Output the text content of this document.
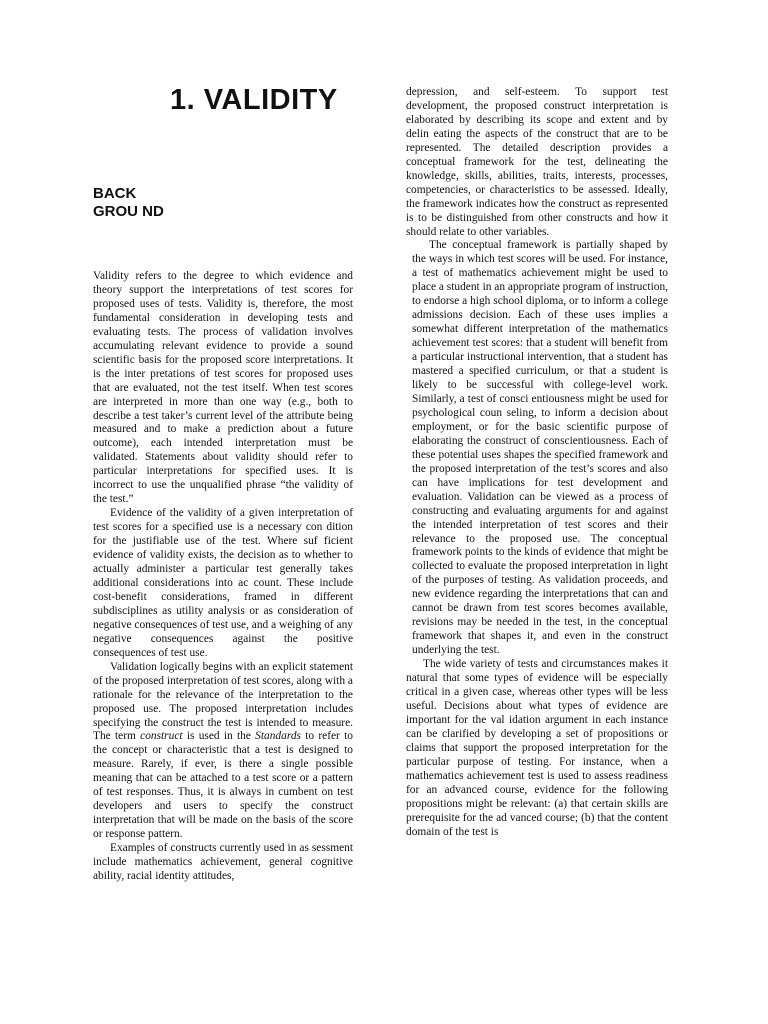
1. VALIDITY
BACK GROU ND

Validity refers to the degree to which evidence and theory support the interpretations of test scores for proposed uses of tests. Validity is, therefore, the most fundamental consideration in developing tests and evaluating tests. The process of validation involves accumulating relevant evidence to provide a sound scientific basis for the proposed score interpretations. It is the inter pretations of test scores for proposed uses that are evaluated, not the test itself. When test scores are interpreted in more than one way (e.g., both to describe a test taker’s current level of the attribute being measured and to make a prediction about a future outcome), each intended interpretation must be validated. Statements about validity should refer to particular interpretations for specified uses. It is incorrect to use the unqualified phrase “the validity of the test.”

Evidence of the validity of a given interpretation of test scores for a specified use is a necessary con dition for the justifiable use of the test. Where suf ficient evidence of validity exists, the decision as to whether to actually administer a particular test generally takes additional considerations into ac count. These include cost-benefit considerations, framed in different subdisciplines as utility analysis or as consideration of negative consequences of test use, and a weighing of any negative consequences against the positive consequences of test use.

Validation logically begins with an explicit statement of the proposed interpretation of test scores, along with a rationale for the relevance of the interpretation to the proposed use. The proposed interpretation includes specifying the construct the test is intended to measure. The term construct is used in the Standards to refer to the concept or characteristic that a test is designed to measure. Rarely, if ever, is there a single possible meaning that can be attached to a test score or a pattern of test responses. Thus, it is always in cumbent on test developers and users to specify the construct interpretation that will be made on the basis of the score or response pattern.

Examples of constructs currently used in as sessment include mathematics achievement, general cognitive ability, racial identity attitudes,

depression, and self-esteem. To support test development, the proposed construct interpretation is elaborated by describing its scope and extent and by delin eating the aspects of the construct that are to be represented. The detailed description provides a conceptual framework for the test, delineating the knowledge, skills, abilities, traits, interests, processes, competencies, or characteristics to be assessed. Ideally, the framework indicates how the construct as represented is to be distinguished from other constructs and how it should relate to other variables.

The conceptual framework is partially shaped by the ways in which test scores will be used. For instance, a test of mathematics achievement might be used to place a student in an appropriate program of instruction, to endorse a high school diploma, or to inform a college admissions decision. Each of these uses implies a somewhat different interpretation of the mathematics achievement test scores: that a student will benefit from a particular instructional intervention, that a student has mastered a specified curriculum, or that a student is likely to be successful with college-level work. Similarly, a test of consci entiousness might be used for psychological coun seling, to inform a decision about employment, or for the basic scientific purpose of elaborating the construct of conscientiousness. Each of these potential uses shapes the specified framework and the proposed interpretation of the test’s scores and also can have implications for test development and evaluation. Validation can be viewed as a process of constructing and evaluating arguments for and against the intended interpretation of test scores and their relevance to the proposed use. The conceptual framework points to the kinds of evidence that might be collected to evaluate the proposed interpretation in light of the purposes of testing. As validation proceeds, and new evidence regarding the interpretations that can and cannot be drawn from test scores becomes available, revisions may be needed in the test, in the conceptual framework that shapes it, and even in the construct underlying the test.

The wide variety of tests and circumstances makes it natural that some types of evidence will be especially critical in a given case, whereas other types will be less useful. Decisions about what types of evidence are important for the val idation argument in each instance can be clarified by developing a set of propositions or claims that support the proposed interpretation for the particular purpose of testing. For instance, when a mathematics achievement test is used to assess readiness for an advanced course, evidence for the following propositions might be relevant: (a) that certain skills are prerequisite for the ad vanced course; (b) that the content domain of the test is
